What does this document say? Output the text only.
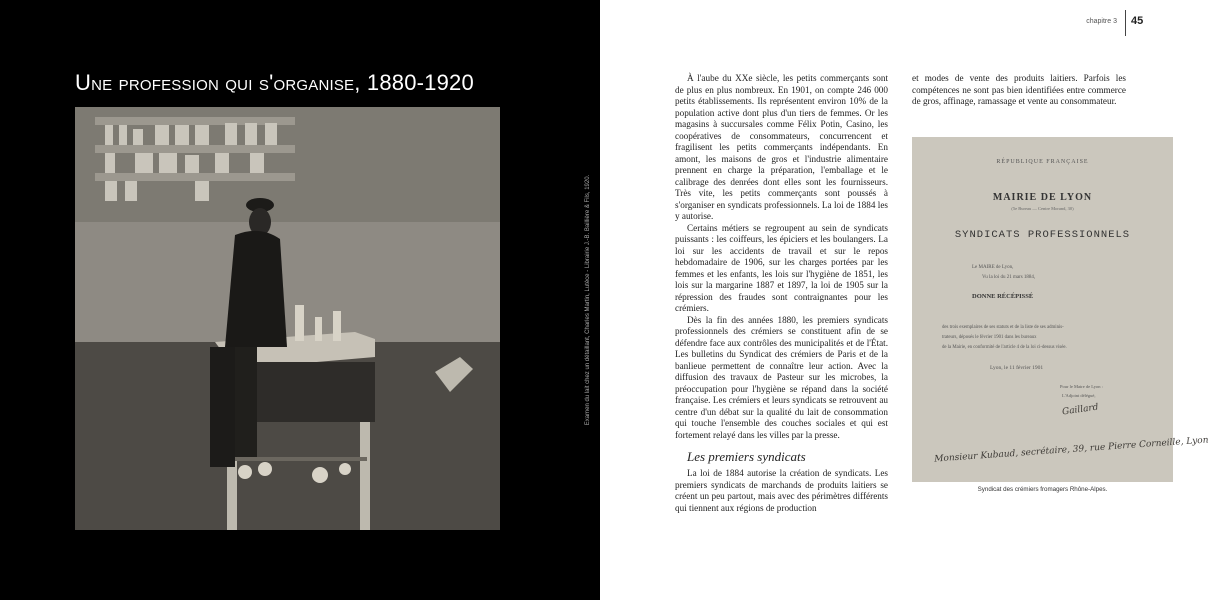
Une profession qui s'organise, 1880-1920
Examen du lait chez un détaillant, Charles Martin, Lutèce - Librairie J.-B. Baillière & Fils, 1920.
chapitre 3 45

À l'aube du XXe siècle, les petits commerçants sont de plus en plus nombreux. En 1901, on compte 246 000 petits établissements. Ils représentent environ 10% de la population active dont plus d'un tiers de femmes. Or les magasins à succursales comme Félix Potin, Casino, les coopératives de consommateurs, concurrencent et fragilisent les petits commerçants indépendants. En amont, les maisons de gros et l'industrie alimentaire prennent en charge la préparation, l'emballage et le calibrage des denrées dont elles sont les fournisseurs. Très vite, les petits commerçants sont poussés à s'organiser en syndicats professionnels. La loi de 1884 les y autorise.

Certains métiers se regroupent au sein de syndicats puissants : les coiffeurs, les épiciers et les boulangers. La loi sur les accidents de travail et sur le repos hebdomadaire de 1906, sur les charges portées par les femmes et les enfants, les lois sur l'hygiène de 1851, les lois sur la margarine 1887 et 1897, la loi de 1905 sur la répression des fraudes sont contraignantes pour les crémiers.

Dès la fin des années 1880, les premiers syndicats professionnels des crémiers se constituent afin de se défendre face aux contrôles des municipalités et de l'État. Les bulletins du Syndicat des crémiers de Paris et de la banlieue permettent de connaître leur action. Avec la diffusion des travaux de Pasteur sur les microbes, la préoccupation pour l'hygiène se répand dans la société française. Les crémiers et leurs syndicats se retrouvent au centre d'un débat sur la qualité du lait de consommation qui touche l'ensemble des couches sociales et qui est fortement relayé dans les villes par la presse.

Les premiers syndicats

La loi de 1884 autorise la création de syndicats. Les premiers syndicats de marchands de produits laitiers se créent un peu partout, mais avec des périmètres différents qui tiennent aux régions de production

et modes de vente des produits laitiers. Parfois les compétences ne sont pas bien identifiées entre commerce de gros, affinage, ramassage et vente au consommateur.

RÉPUBLIQUE FRANÇAISE
MAIRIE DE LYON
(5e Bureau — Centre Morand, 30)
SYNDICATS PROFESSIONNELS
Le MAIRE de Lyon,
Vu la loi du 21 mars 1884,
DONNE RÉCÉPISSÉ
des trois exemplaires de ses statuts et de la liste de ses adminis-
trateurs, déposés le février 1901 dans les bureaux
de la Mairie, en conformité de l'article 4 de la loi ci-dessus visée.
Lyon, le 11 février 1901
Pour le Maire de Lyon :
L'Adjoint délégué,
Gaillard
Monsieur Kubaud, secrétaire, 39, rue Pierre Corneille, Lyon
Syndicat des crémiers fromagers Rhône-Alpes.
